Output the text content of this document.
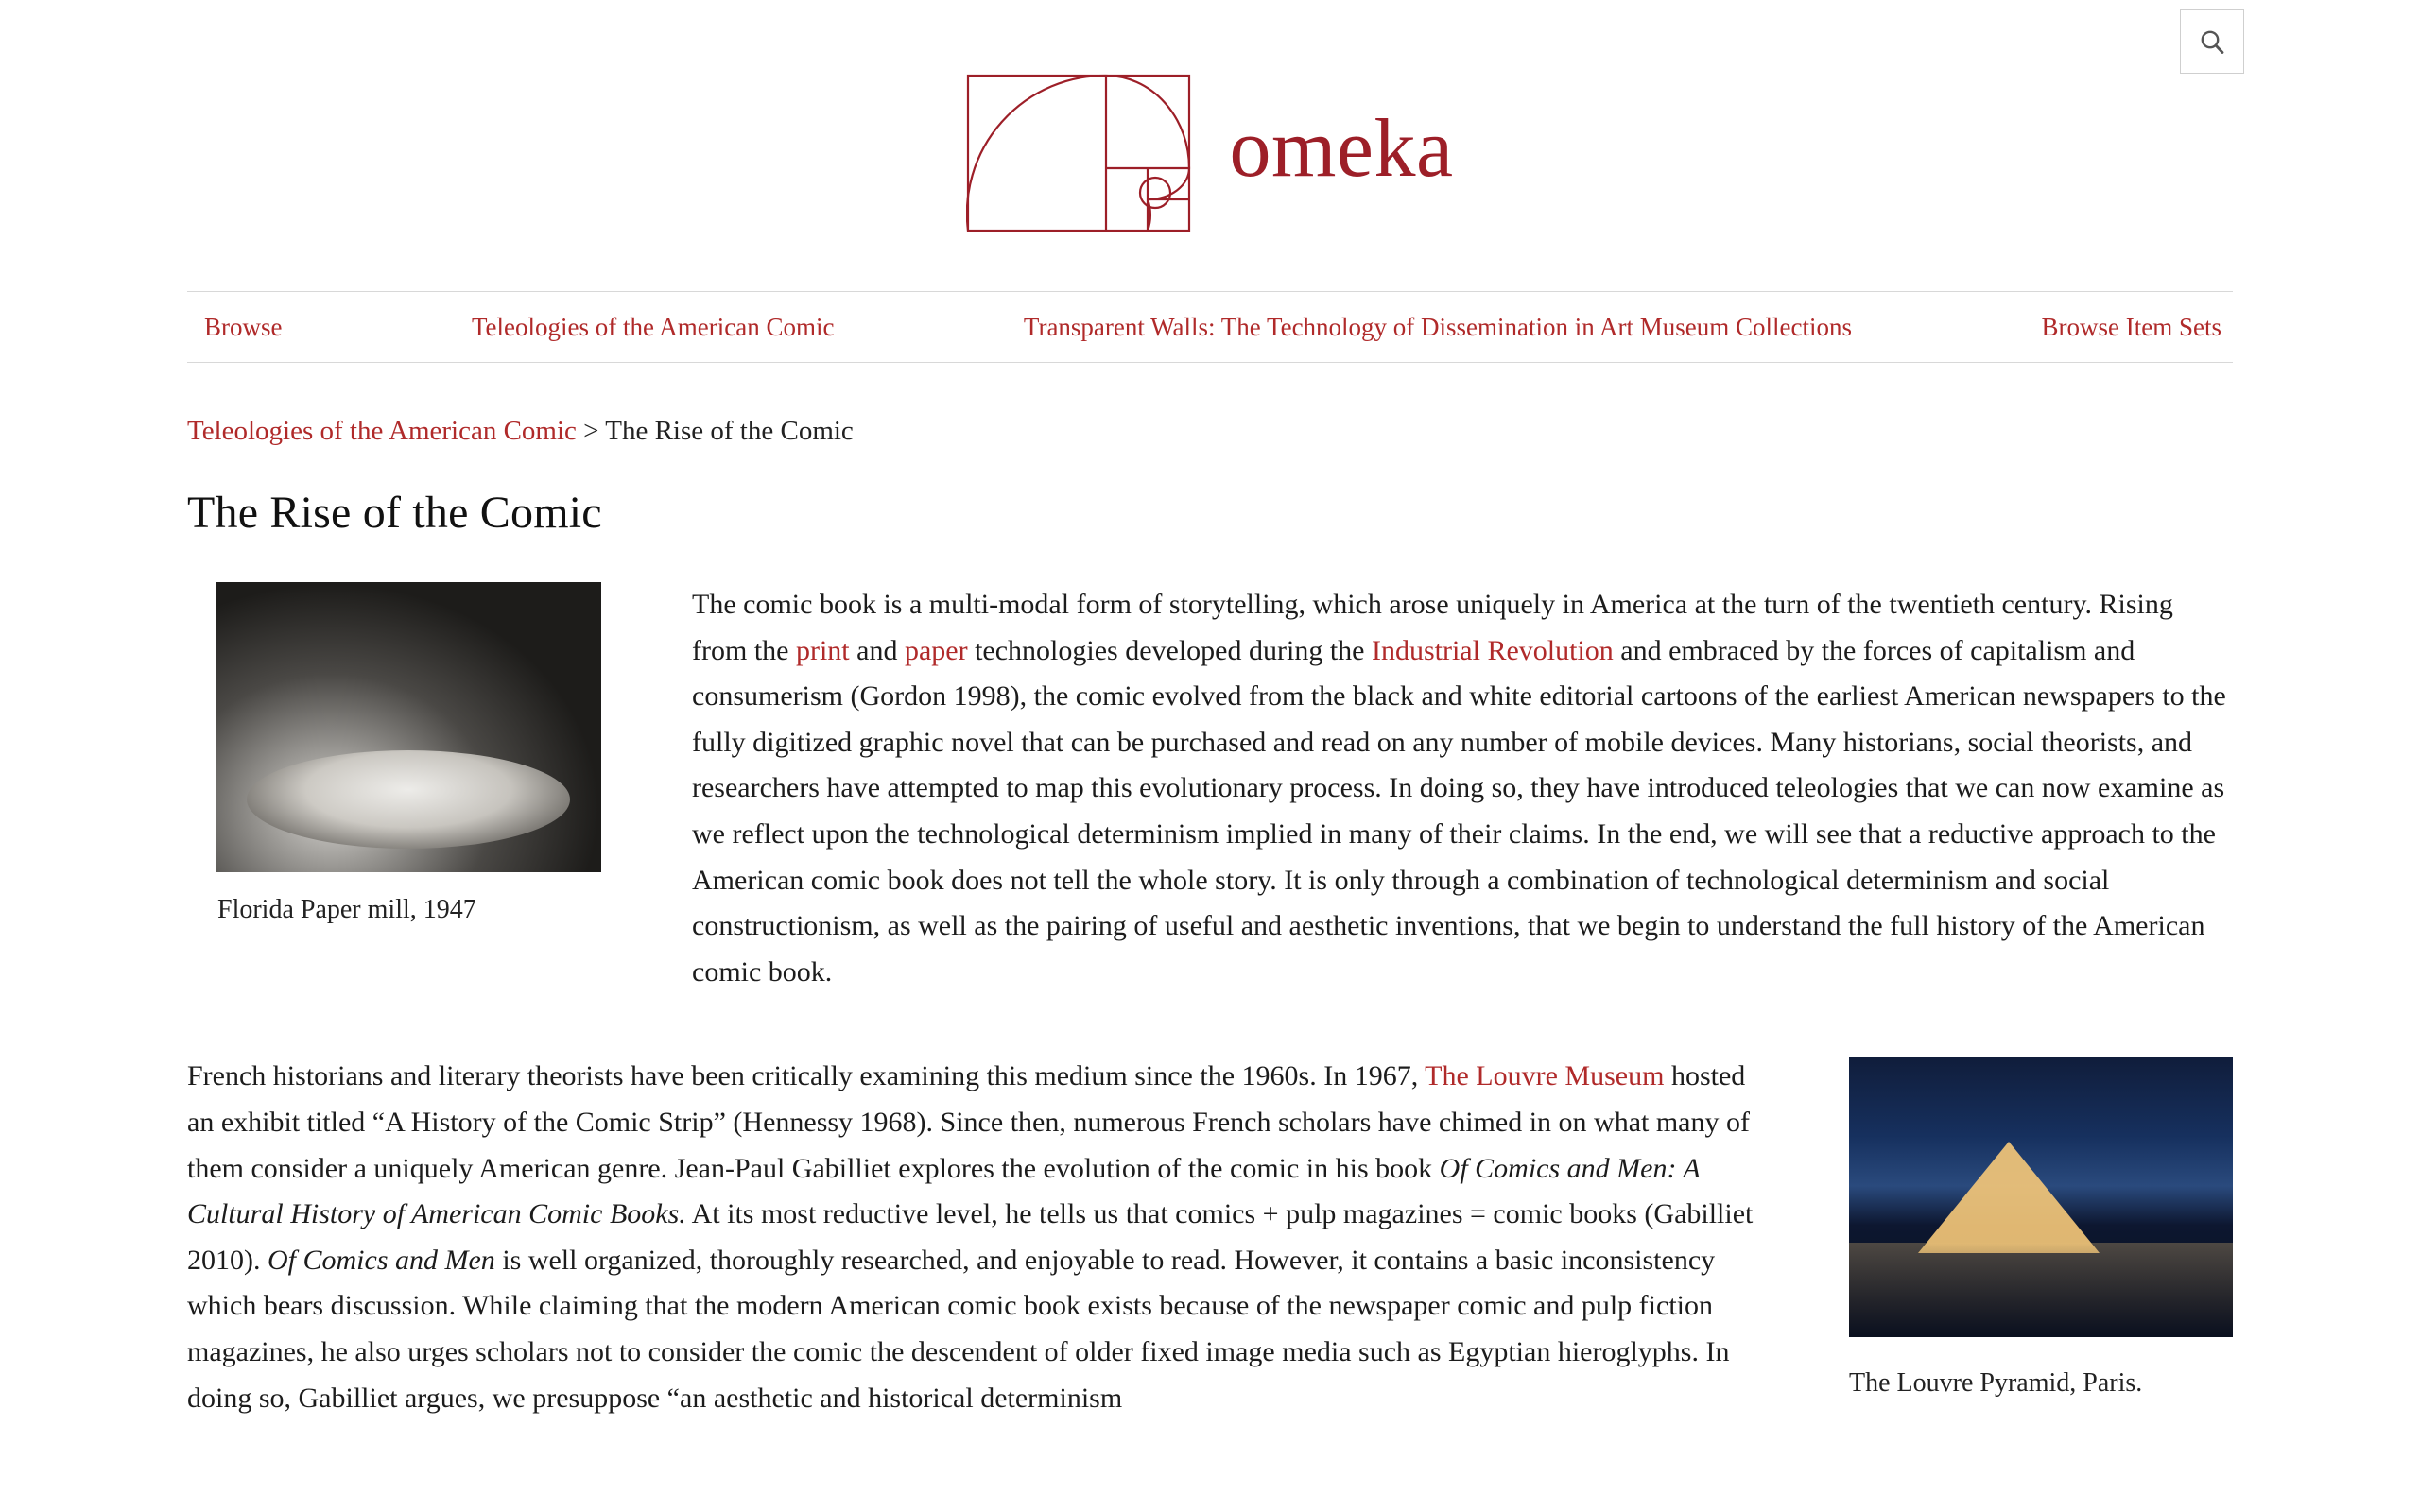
omeka
Browse	Teleologies of the American Comic	Transparent Walls: The Technology of Dissemination in Art Museum Collections	Browse Item Sets
Teleologies of the American Comic > The Rise of the Comic
The Rise of the Comic
Florida Paper mill, 1947
The comic book is a multi-modal form of storytelling, which arose uniquely in America at the turn of the twentieth century. Rising from the print and paper technologies developed during the Industrial Revolution and embraced by the forces of capitalism and consumerism (Gordon 1998), the comic evolved from the black and white editorial cartoons of the earliest American newspapers to the fully digitized graphic novel that can be purchased and read on any number of mobile devices. Many historians, social theorists, and researchers have attempted to map this evolutionary process. In doing so, they have introduced teleologies that we can now examine as we reflect upon the technological determinism implied in many of their claims. In the end, we will see that a reductive approach to the American comic book does not tell the whole story. It is only through a combination of technological determinism and social constructionism, as well as the pairing of useful and aesthetic inventions, that we begin to understand the full history of the American comic book.
The Louvre Pyramid, Paris.

French historians and literary theorists have been critically examining this medium since the 1960s. In 1967, The Louvre Museum hosted an exhibit titled “A History of the Comic Strip” (Hennessy 1968). Since then, numerous French scholars have chimed in on what many of them consider a uniquely American genre. Jean-Paul Gabilliet explores the evolution of the comic in his book Of Comics and Men: A Cultural History of American Comic Books. At its most reductive level, he tells us that comics + pulp magazines = comic books (Gabilliet 2010). Of Comics and Men is well organized, thoroughly researched, and enjoyable to read. However, it contains a basic inconsistency which bears discussion. While claiming that the modern American comic book exists because of the newspaper comic and pulp fiction magazines, he also urges scholars not to consider the comic the descendent of older fixed image media such as Egyptian hieroglyphs. In doing so, Gabilliet argues, we presuppose “an aesthetic and historical determinism
